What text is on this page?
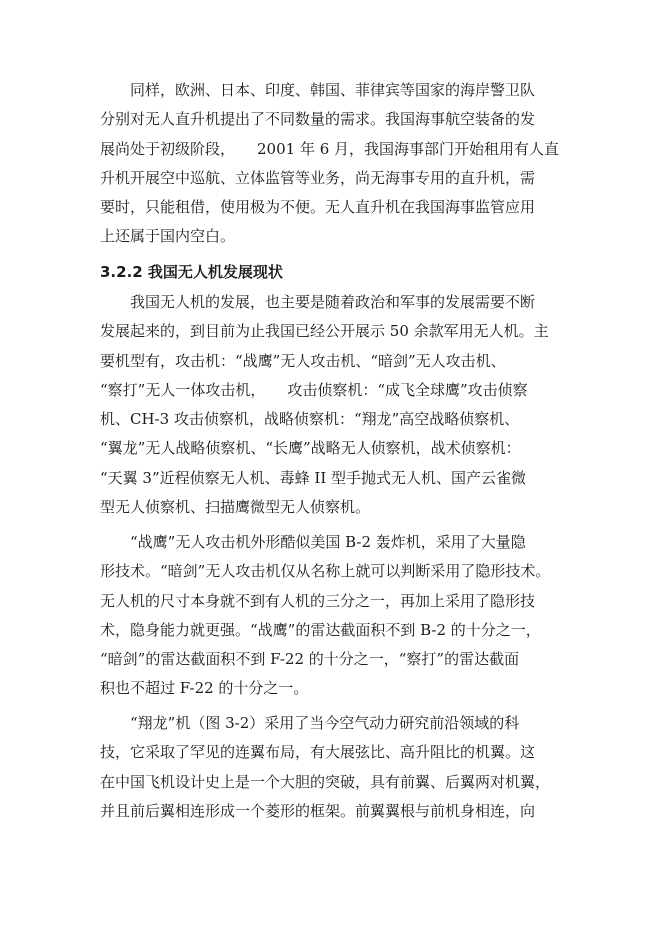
同样，欧洲、日本、印度、韩国、菲律宾等国家的海岸警卫队
分别对无人直升机提出了不同数量的需求。我国海事航空装备的发
展尚处于初级阶段， 2001 年 6 月，我国海事部门开始租用有人直
升机开展空中巡航、立体监管等业务，尚无海事专用的直升机，需
要时，只能租借，使用极为不便。无人直升机在我国海事监管应用
上还属于国内空白。
3.2.2 我国无人机发展现状
我国无人机的发展，也主要是随着政治和军事的发展需要不断
发展起来的，到目前为止我国已经公开展示 50 余款军用无人机。主
要机型有，攻击机：“战鹰”无人攻击机、“暗剑”无人攻击机、
“察打”无人一体攻击机， 攻击侦察机：“成飞全球鹰”攻击侦察
机、CH-3 攻击侦察机，战略侦察机：“翔龙”高空战略侦察机、
“翼龙”无人战略侦察机、“长鹰”战略无人侦察机，战术侦察机：
“天翼 3”近程侦察无人机、毒蜂 II 型手抛式无人机、国产云雀微
型无人侦察机、扫描鹰微型无人侦察机。
“战鹰”无人攻击机外形酷似美国 B-2 轰炸机，采用了大量隐
形技术。“暗剑”无人攻击机仅从名称上就可以判断采用了隐形技术。
无人机的尺寸本身就不到有人机的三分之一，再加上采用了隐形技
术，隐身能力就更强。“战鹰”的雷达截面积不到 B-2 的十分之一，
“暗剑”的雷达截面积不到 F-22 的十分之一，“察打”的雷达截面
积也不超过 F-22 的十分之一。
“翔龙”机（图 3-2）采用了当今空气动力研究前沿领域的科
技，它采取了罕见的连翼布局，有大展弦比、高升阻比的机翼。这
在中国飞机设计史上是一个大胆的突破，具有前翼、后翼两对机翼，
并且前后翼相连形成一个菱形的框架。前翼翼根与前机身相连，向
